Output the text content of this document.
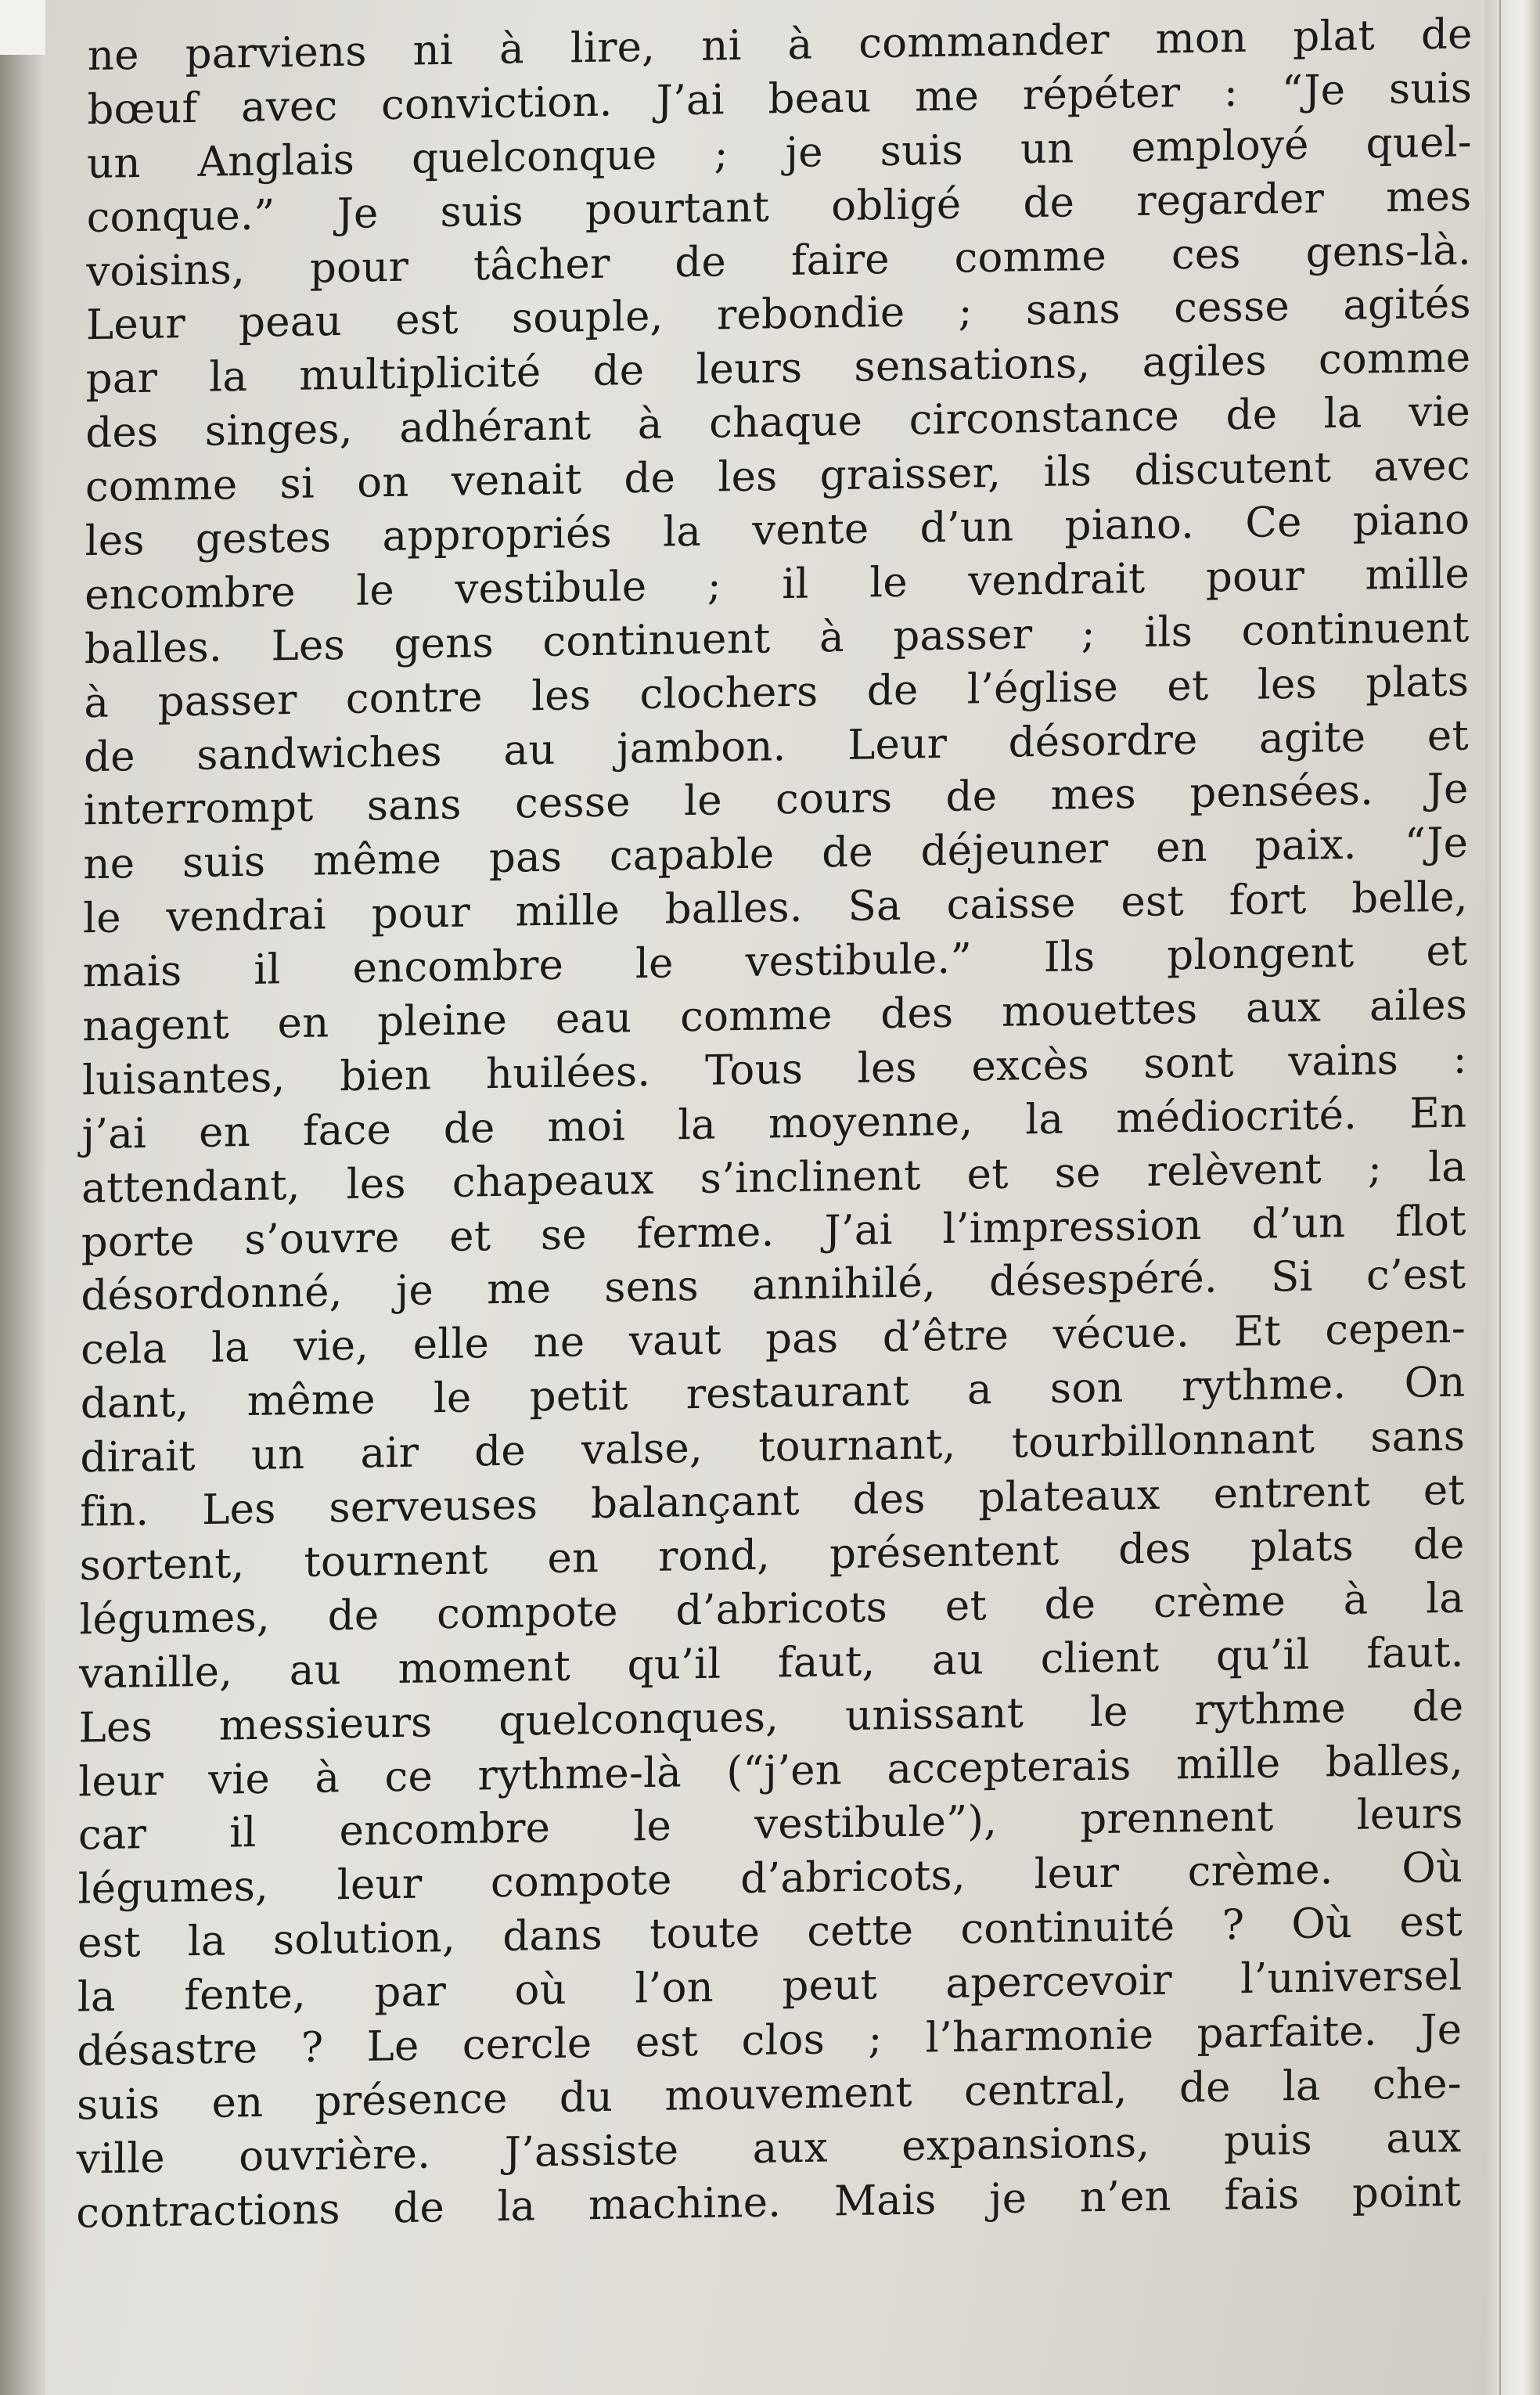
ne parviens ni à lire, ni à commander mon plat de
bœuf avec conviction. J’ai beau me répéter : “Je suis
un Anglais quelconque ; je suis un employé quel-
conque.” Je suis pourtant obligé de regarder mes
voisins, pour tâcher de faire comme ces gens-là.
Leur peau est souple, rebondie ; sans cesse agités
par la multiplicité de leurs sensations, agiles comme
des singes, adhérant à chaque circonstance de la vie
comme si on venait de les graisser, ils discutent avec
les gestes appropriés la vente d’un piano. Ce piano
encombre le vestibule ; il le vendrait pour mille
balles. Les gens continuent à passer ; ils continuent
à passer contre les clochers de l’église et les plats
de sandwiches au jambon. Leur désordre agite et
interrompt sans cesse le cours de mes pensées. Je
ne suis même pas capable de déjeuner en paix. “Je
le vendrai pour mille balles. Sa caisse est fort belle,
mais il encombre le vestibule.” Ils plongent et
nagent en pleine eau comme des mouettes aux ailes
luisantes, bien huilées. Tous les excès sont vains :
j’ai en face de moi la moyenne, la médiocrité. En
attendant, les chapeaux s’inclinent et se relèvent ; la
porte s’ouvre et se ferme. J’ai l’impression d’un flot
désordonné, je me sens annihilé, désespéré. Si c’est
cela la vie, elle ne vaut pas d’être vécue. Et cepen-
dant, même le petit restaurant a son rythme. On
dirait un air de valse, tournant, tourbillonnant sans
fin. Les serveuses balançant des plateaux entrent et
sortent, tournent en rond, présentent des plats de
légumes, de compote d’abricots et de crème à la
vanille, au moment qu’il faut, au client qu’il faut.
Les messieurs quelconques, unissant le rythme de
leur vie à ce rythme-là (“j’en accepterais mille balles,
car il encombre le vestibule”), prennent leurs
légumes, leur compote d’abricots, leur crème. Où
est la solution, dans toute cette continuité ? Où est
la fente, par où l’on peut apercevoir l’universel
désastre ? Le cercle est clos ; l’harmonie parfaite. Je
suis en présence du mouvement central, de la che-
ville ouvrière. J’assiste aux expansions, puis aux
contractions de la machine. Mais je n’en fais point
